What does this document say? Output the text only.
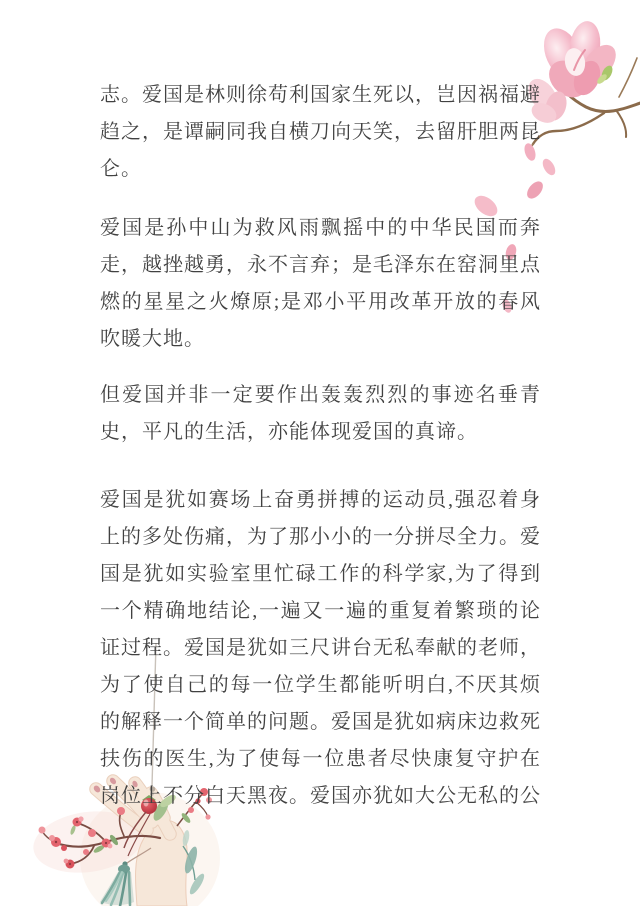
志。爱国是林则徐苟利国家生死以，岂因祸福避
趋之，是谭嗣同我自横刀向天笑，去留肝胆两昆
仑。
爱国是孙中山为救风雨飘摇中的中华民国而奔
走，越挫越勇，永不言弃；是毛泽东在窑洞里点
燃的星星之火燎原;是邓小平用改革开放的春风
吹暖大地。
但爱国并非一定要作出轰轰烈烈的事迹名垂青
史，平凡的生活，亦能体现爱国的真谛。
爱国是犹如赛场上奋勇拼搏的运动员,强忍着身
上的多处伤痛，为了那小小的一分拼尽全力。爱
国是犹如实验室里忙碌工作的科学家,为了得到
一个精确地结论,一遍又一遍的重复着繁琐的论
证过程。爱国是犹如三尺讲台无私奉献的老师，
为了使自己的每一位学生都能听明白,不厌其烦
的解释一个简单的问题。爱国是犹如病床边救死
扶伤的医生,为了使每一位患者尽快康复守护在
岗位上不分白天黑夜。爱国亦犹如大公无私的公
